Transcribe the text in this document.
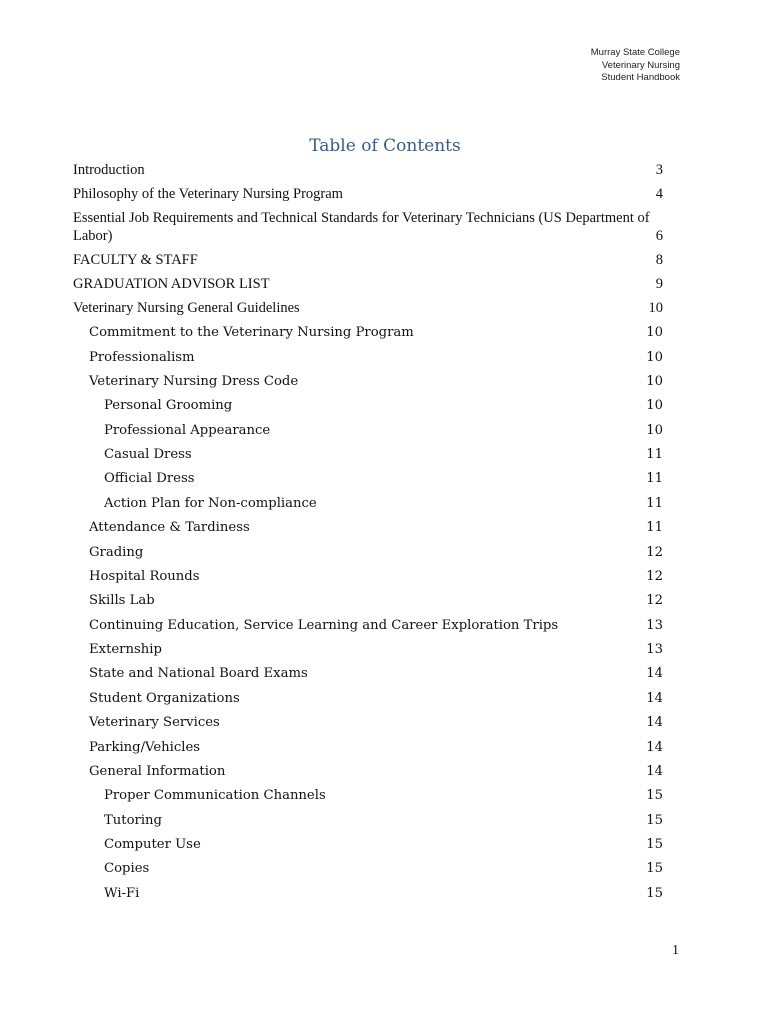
Murray State College
Veterinary Nursing
Student Handbook
Table of Contents
Introduction	3
Philosophy of the Veterinary Nursing Program	4
Essential Job Requirements and Technical Standards for Veterinary Technicians (US Department of Labor)	6
FACULTY & STAFF	8
GRADUATION ADVISOR LIST	9
Veterinary Nursing General Guidelines	10
Commitment to the Veterinary Nursing Program	10
Professionalism	10
Veterinary Nursing Dress Code	10
Personal Grooming	10
Professional Appearance	10
Casual Dress	11
Official Dress	11
Action Plan for Non-compliance	11
Attendance & Tardiness	11
Grading	12
Hospital Rounds	12
Skills Lab	12
Continuing Education, Service Learning and Career Exploration Trips	13
Externship	13
State and National Board Exams	14
Student Organizations	14
Veterinary Services	14
Parking/Vehicles	14
General Information	14
Proper Communication Channels	15
Tutoring	15
Computer Use	15
Copies	15
Wi-Fi	15
1
